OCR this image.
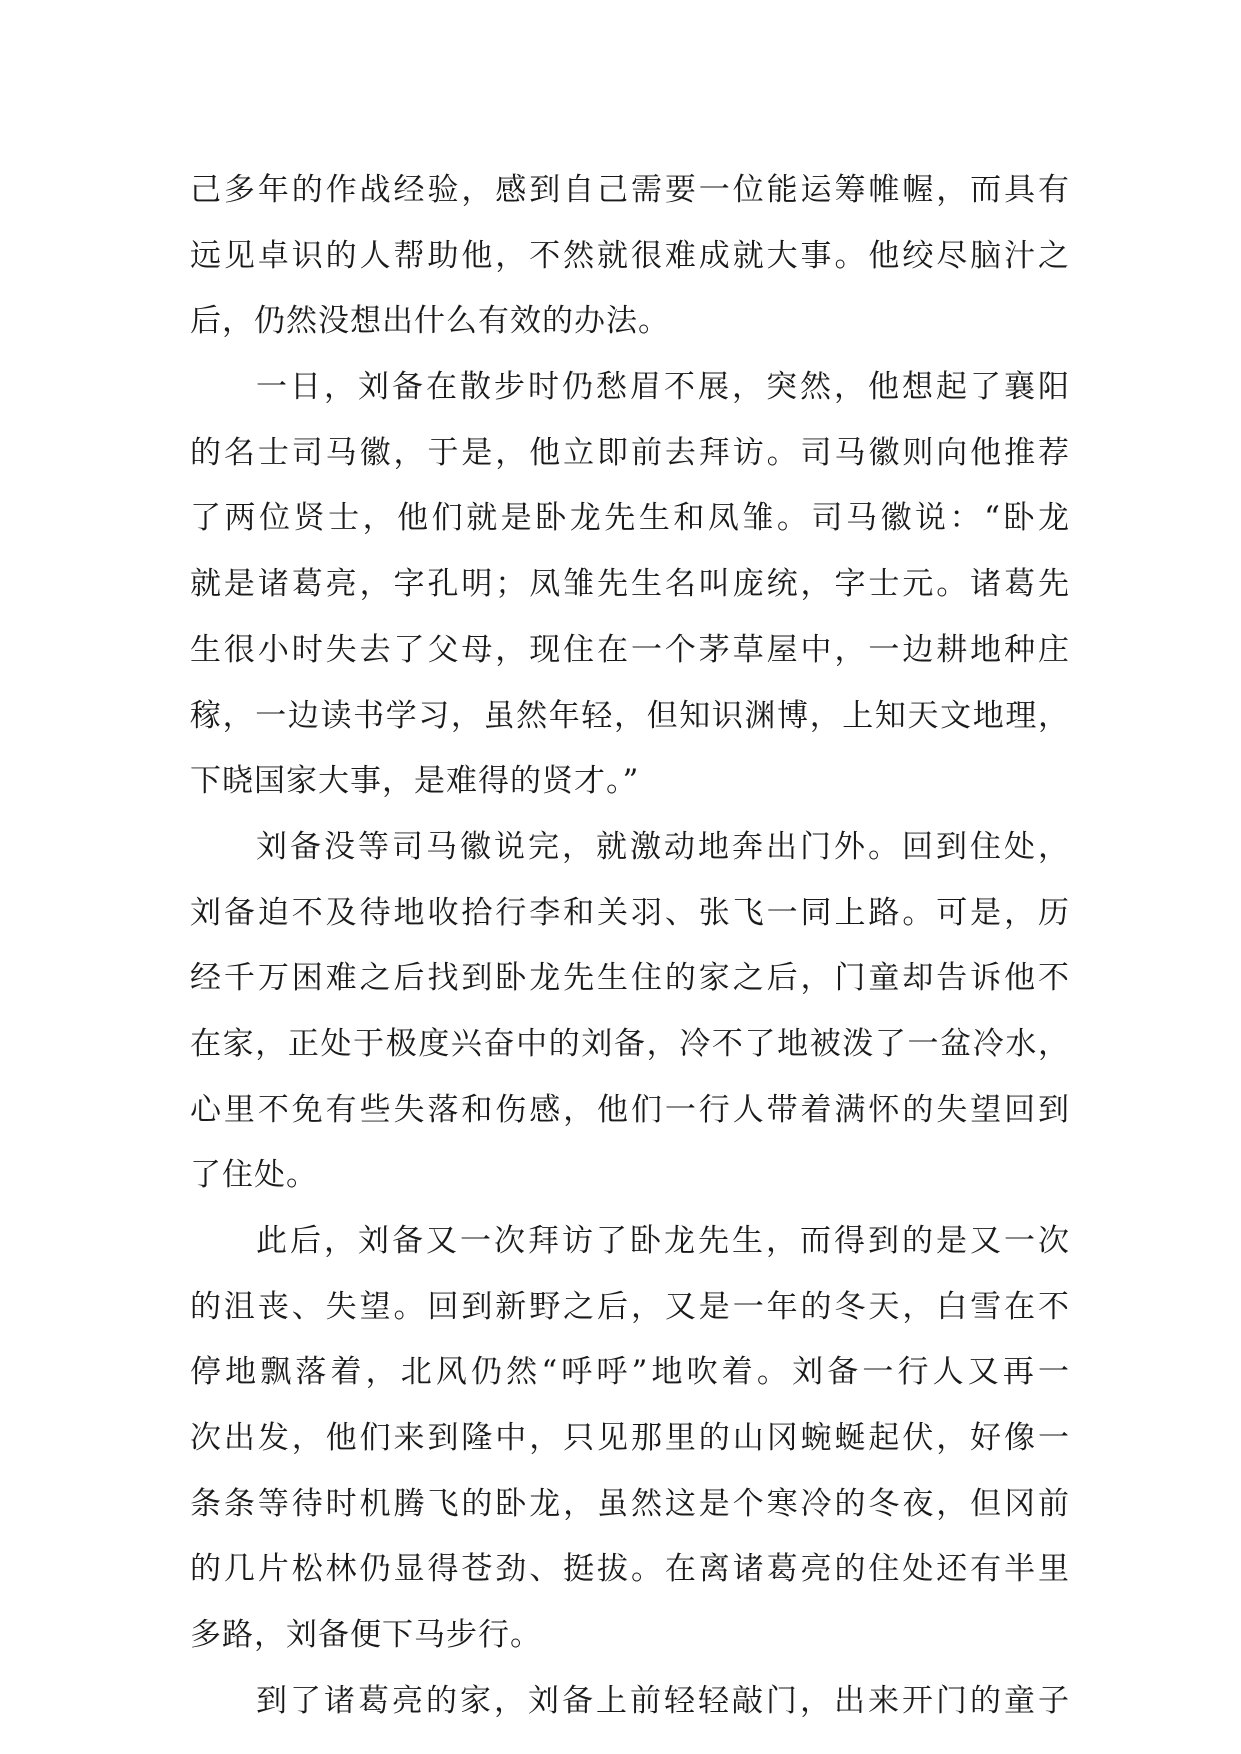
己多年的作战经验，感到自己需要一位能运筹帷幄，而具有
远见卓识的人帮助他，不然就很难成就大事。他绞尽脑汁之
后，仍然没想出什么有效的办法。
一日，刘备在散步时仍愁眉不展，突然，他想起了襄阳
的名士司马徽，于是，他立即前去拜访。司马徽则向他推荐
了两位贤士，他们就是卧龙先生和凤雏。司马徽说：“卧龙
就是诸葛亮，字孔明；凤雏先生名叫庞统，字士元。诸葛先
生很小时失去了父母，现住在一个茅草屋中，一边耕地种庄
稼，一边读书学习，虽然年轻，但知识渊博，上知天文地理，
下晓国家大事，是难得的贤才。”
刘备没等司马徽说完，就激动地奔出门外。回到住处，
刘备迫不及待地收拾行李和关羽、张飞一同上路。可是，历
经千万困难之后找到卧龙先生住的家之后，门童却告诉他不
在家，正处于极度兴奋中的刘备，冷不了地被泼了一盆冷水，
心里不免有些失落和伤感，他们一行人带着满怀的失望回到
了住处。
此后，刘备又一次拜访了卧龙先生，而得到的是又一次
的沮丧、失望。回到新野之后，又是一年的冬天，白雪在不
停地飘落着，北风仍然“呼呼”地吹着。刘备一行人又再一
次出发，他们来到隆中，只见那里的山冈蜿蜒起伏，好像一
条条等待时机腾飞的卧龙，虽然这是个寒冷的冬夜，但冈前
的几片松林仍显得苍劲、挺拔。在离诸葛亮的住处还有半里
多路，刘备便下马步行。
到了诸葛亮的家，刘备上前轻轻敲门，出来开门的童子
